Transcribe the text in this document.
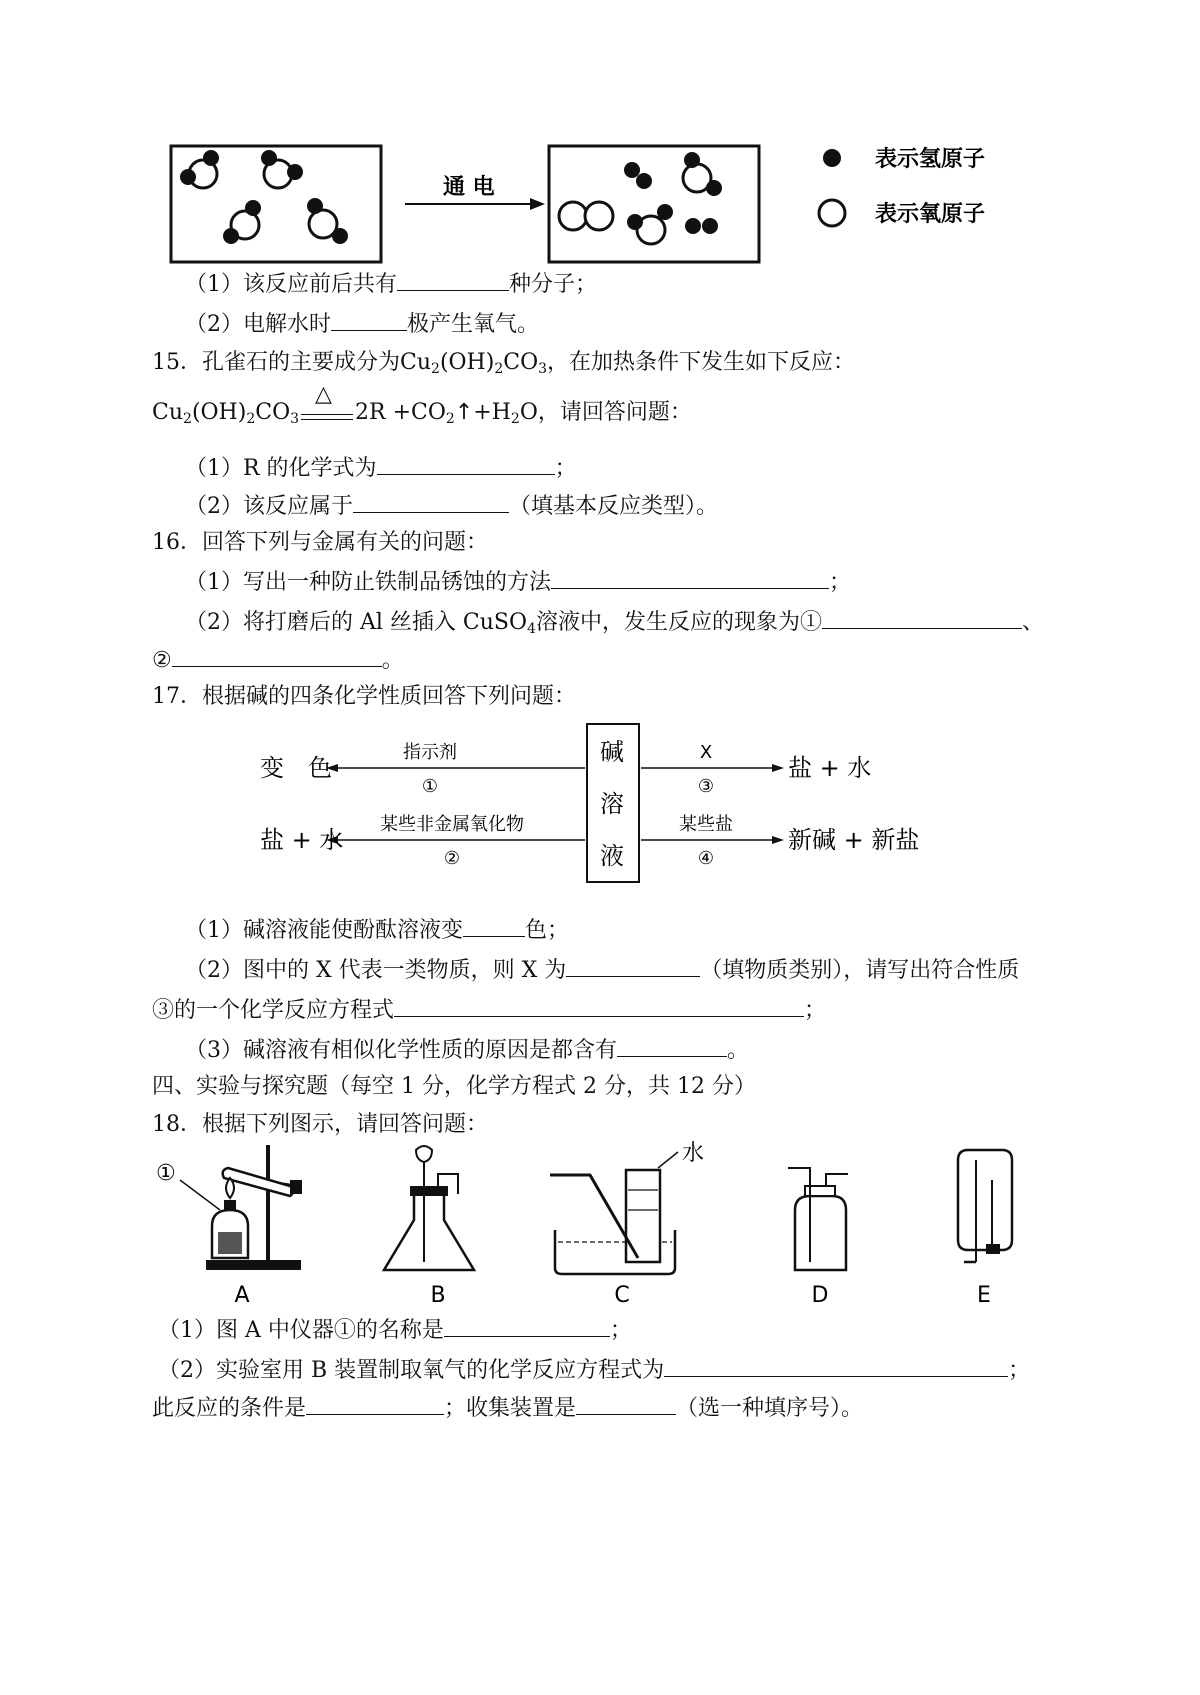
通 电
表示氢原子
表示氧原子
（1）该反应前后共有	种分子；
（2）电解水时	极产生氧气。
15．孔雀石的主要成分为$Cu_2(OH)_2CO_3$，在加热条件下发生如下反应：
$Cu_2(OH)_2CO_3$
△
$2R +CO_2↑+H_2O$，请回答问题：
（1）R 的化学式为	；
（2）该反应属于	（填基本反应类型）。
16．回答下列与金属有关的问题：
（1）写出一种防止铁制品锈蚀的方法	；
（2）将打磨后的 Al 丝插入 CuSO$_4$溶液中，发生反应的现象为①	、
②	。
17．根据碱的四条化学性质回答下列问题：
碱
溶
液
变　色
盐 + 水
盐 + 水
新碱 + 新盐
指示剂
①
某些非金属氧化物
②
X
③
某些盐
④
（1）碱溶液能使酚酞溶液变	色；
（2）图中的 X 代表一类物质，则 X 为	（填物质类别），请写出符合性质
③的一个化学反应方程式	；
（3）碱溶液有相似化学性质的原因是都含有	。
四、实验与探究题（每空 1 分，化学方程式 2 分，共 12 分）
18．根据下列图示，请回答问题：
①
水
A	B	C	D	E
（1）图 A 中仪器①的名称是	；
（2）实验室用 B 装置制取氧气的化学反应方程式为	；
此反应的条件是	；收集装置是	（选一种填序号）。
